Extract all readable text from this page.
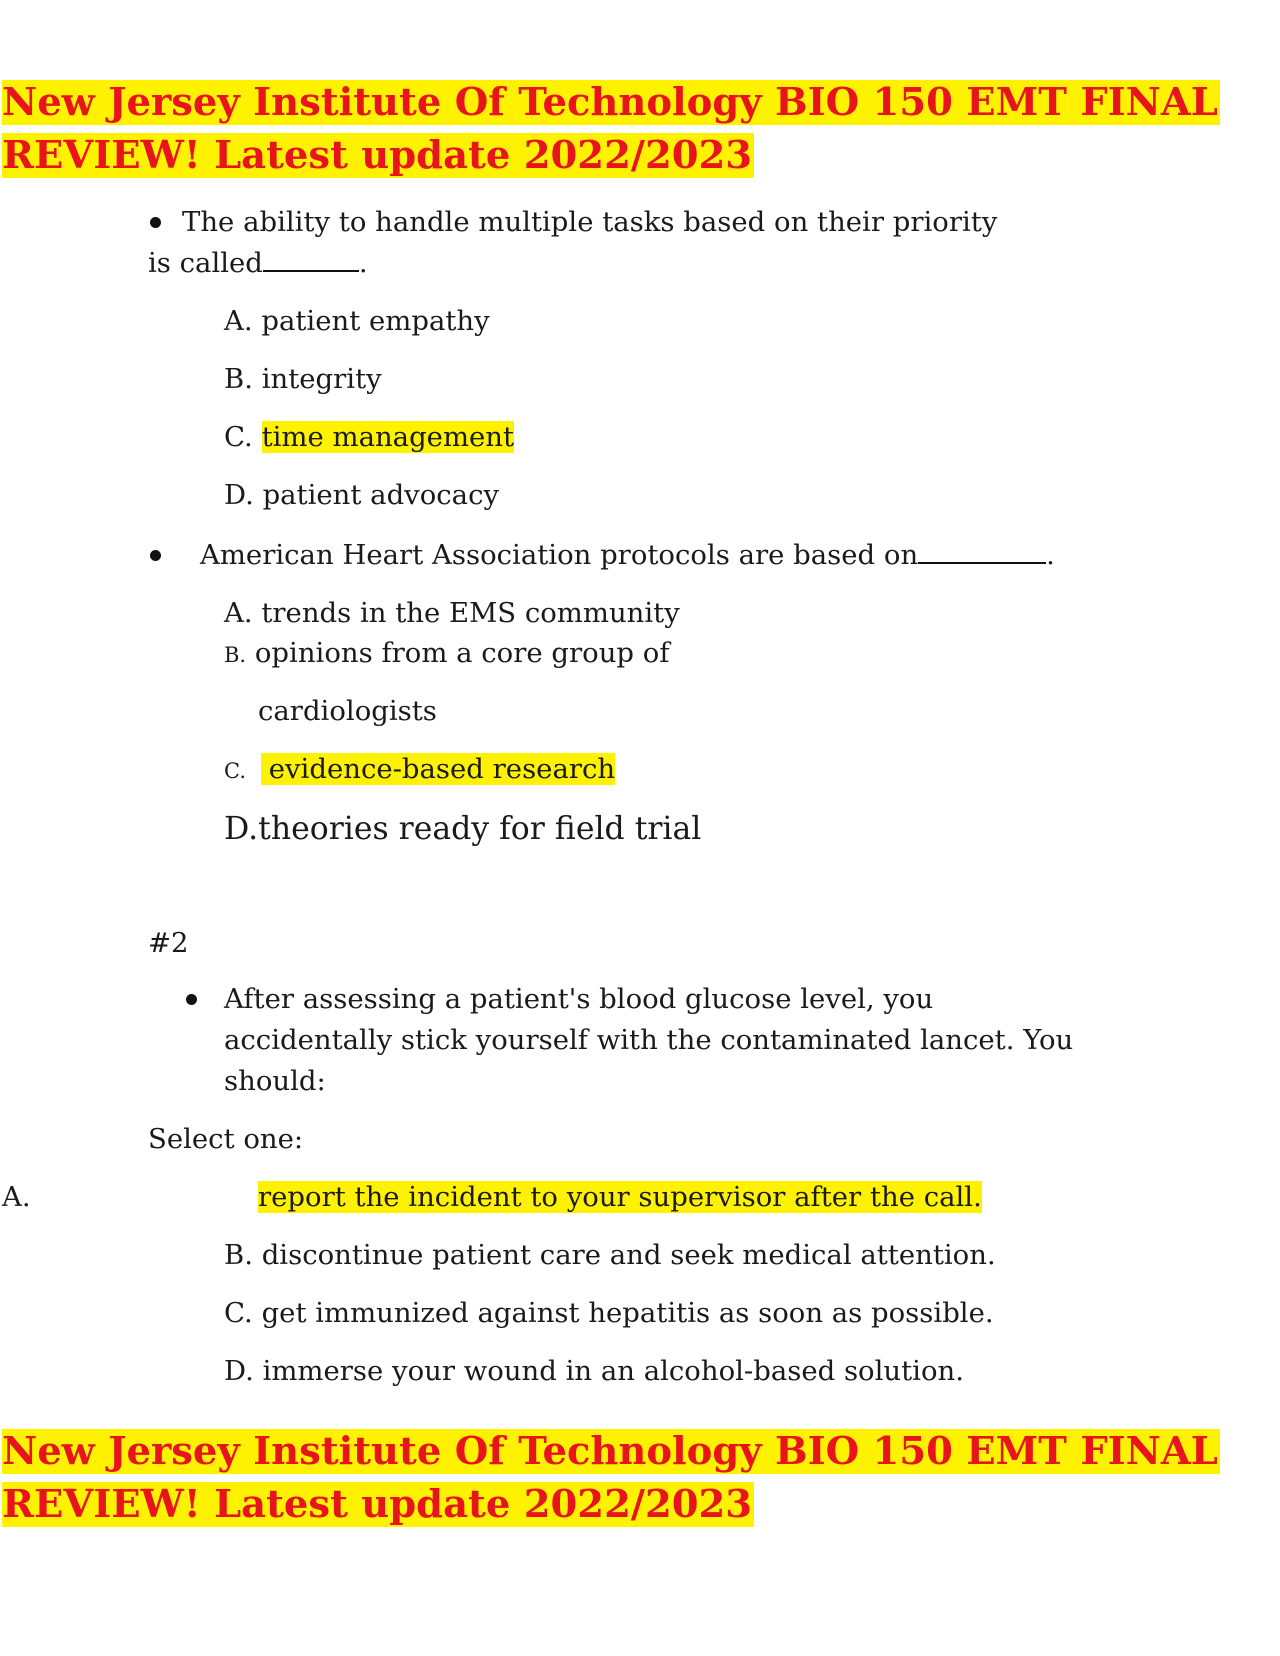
New Jersey Institute Of Technology BIO 150 EMT FINAL
REVIEW! Latest update 2022/2023
The ability to handle multiple tasks based on their priority
is called	.
A. patient empathy
B. integrity
C. time management
D. patient advocacy
American Heart Association protocols are based on	.
A. trends in the EMS community
B. opinions from a core group of
cardiologists
C. evidence-based research
D.theories ready for field trial
#2
After assessing a patient's blood glucose level, you
accidentally stick yourself with the contaminated lancet. You
should:
Select one:
A.	report the incident to your supervisor after the call.
B. discontinue patient care and seek medical attention.
C. get immunized against hepatitis as soon as possible.
D. immerse your wound in an alcohol-based solution.
New Jersey Institute Of Technology BIO 150 EMT FINAL
REVIEW! Latest update 2022/2023
